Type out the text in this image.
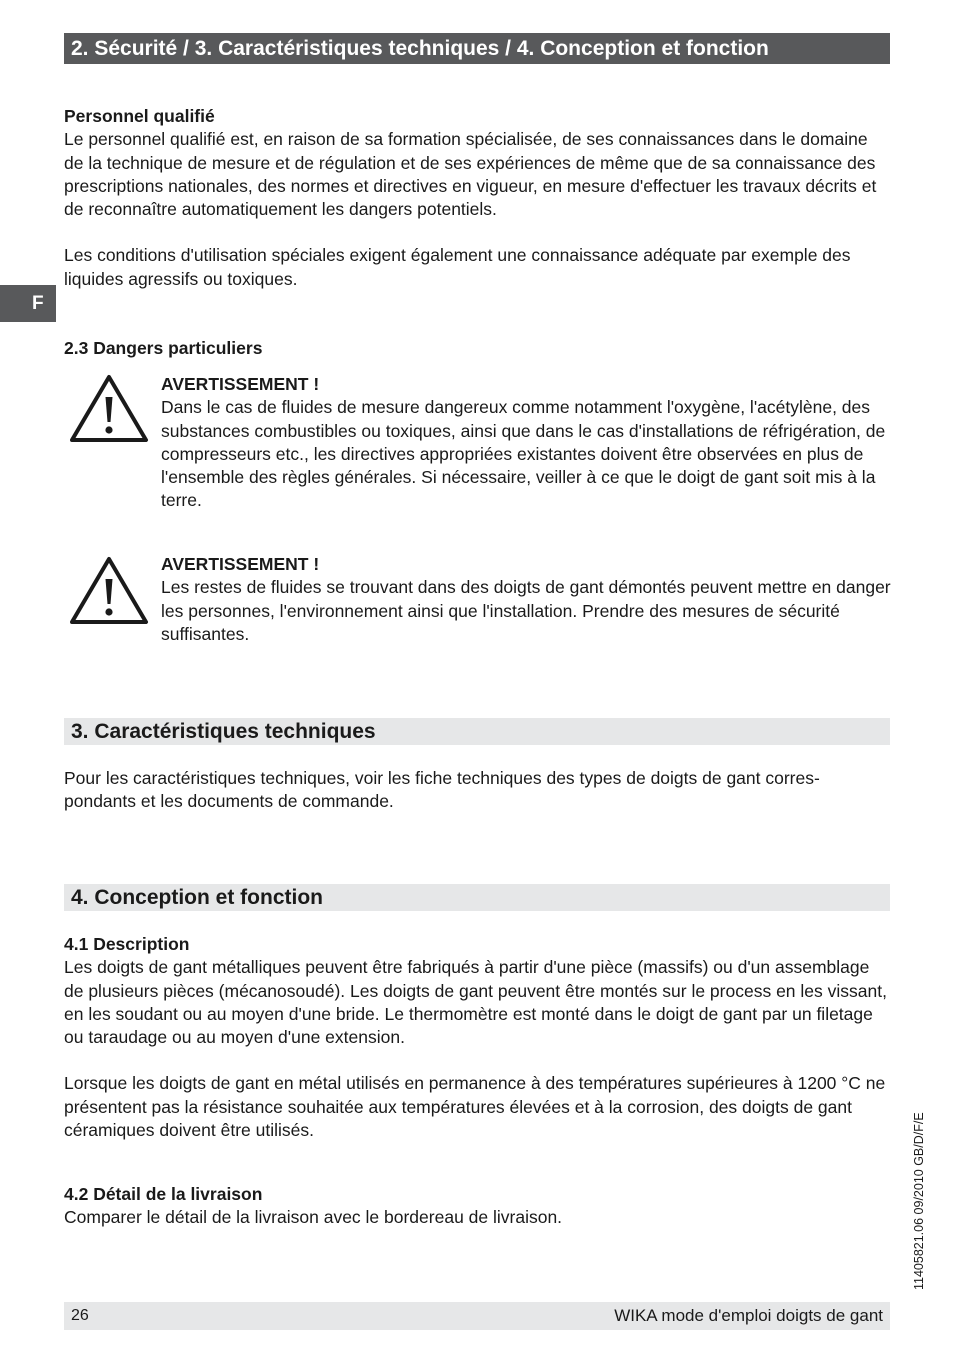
2. Sécurité / 3. Caractéristiques techniques / 4. Conception et fonction
F

Personnel qualifié

Le personnel qualifié est, en raison de sa formation spécialisée, de ses connaissances dans le domaine de la technique de mesure et de régulation et de ses expériences de même que de sa connaissance des prescriptions nationales, des normes et directives en vigueur, en mesure d'effectuer les travaux décrits et de reconnaître automatiquement les dangers potentiels.

Les conditions d'utilisation spéciales exigent également une connaissance adéquate par exemple des liquides agressifs ou toxiques.

2.3 Dangers particuliers

AVERTISSEMENT !

Dans le cas de fluides de mesure dangereux comme notamment l'oxygène, l'acétylène, des substances combustibles ou toxiques, ainsi que dans le cas d'installations de réfrigération, de compresseurs etc., les directives appropriées existantes doivent être observées en plus de l'ensemble des règles générales. Si nécessaire, veiller à ce que le doigt de gant soit mis à la terre.

AVERTISSEMENT !

Les restes de fluides se trouvant dans des doigts de gant démontés peuvent mettre en danger les personnes, l'environnement ainsi que l'installation. Prendre des mesures de sécurité suffisantes.

3. Caractéristiques techniques

Pour les caractéristiques techniques, voir les fiche techniques des types de doigts de gant corres-pondants et les documents de commande.

4. Conception et fonction

4.1 Description

Les doigts de gant métalliques peuvent être fabriqués à partir d'une pièce (massifs) ou d'un assemblage de plusieurs pièces (mécanosoudé). Les doigts de gant peuvent être montés sur le process en les vissant, en les soudant ou au moyen d'une bride. Le thermomètre est monté dans le doigt de gant par un filetage ou taraudage ou au moyen d'une extension.

Lorsque les doigts de gant en métal utilisés en permanence à des températures supérieures à 1200 °C ne présentent pas la résistance souhaitée aux températures élevées et à la corrosion, des doigts de gant céramiques doivent être utilisés.

4.2 Détail de la livraison

Comparer le détail de la livraison avec le bordereau de livraison.	11405821.06 09/2010 GB/D/F/E
26	WIKA mode d'emploi doigts de gant
